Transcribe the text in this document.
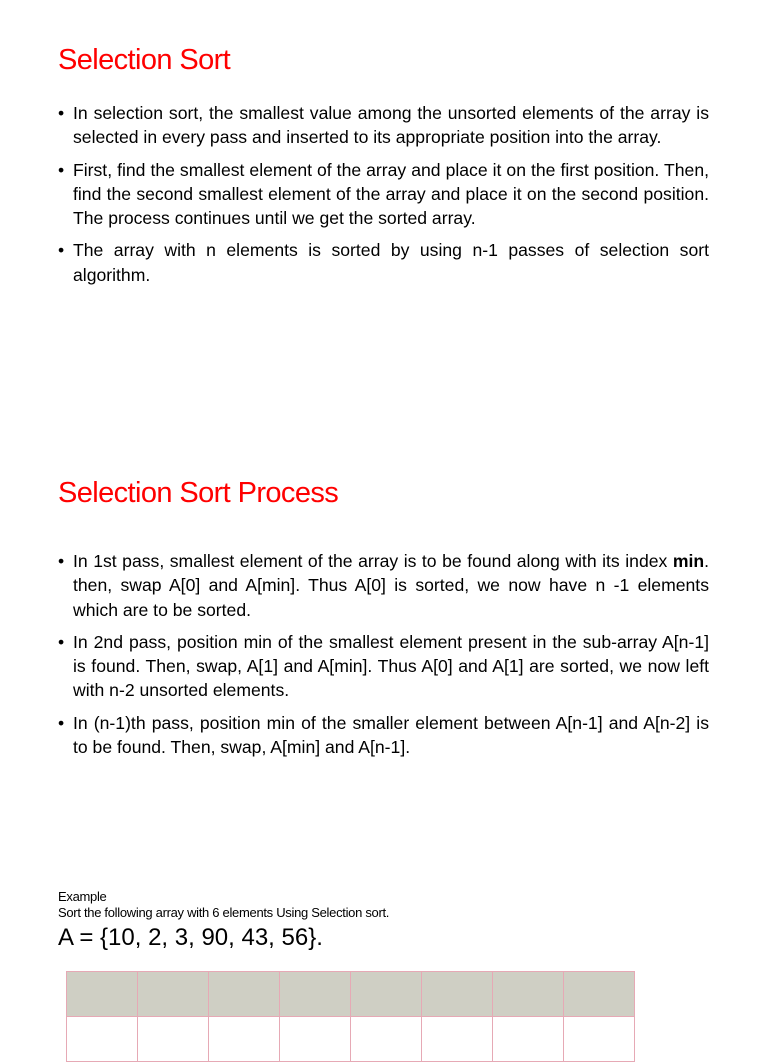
Selection Sort
• In selection sort, the smallest value among the unsorted elements of the array is selected in every pass and inserted to its appropriate position into the array.
• First, find the smallest element of the array and place it on the first position. Then, find the second smallest element of the array and place it on the second position. The process continues until we get the sorted array.
• The array with n elements is sorted by using n-1 passes of selection sort algorithm.
Selection Sort Process
• In 1st pass, smallest element of the array is to be found along with its index min. then, swap A[0] and A[min]. Thus A[0] is sorted, we now have n -1 elements which are to be sorted.
• In 2nd pass, position min of the smallest element present in the sub-array A[n-1] is found. Then, swap, A[1] and A[min]. Thus A[0] and A[1] are sorted, we now left with n-2 unsorted elements.
• In (n-1)th pass, position min of the smaller element between A[n-1] and A[n-2] is to be found. Then, swap, A[min] and A[n-1].
Example
Sort the following array with 6 elements Using Selection sort.
A = {10, 2, 3, 90, 43, 56}.
